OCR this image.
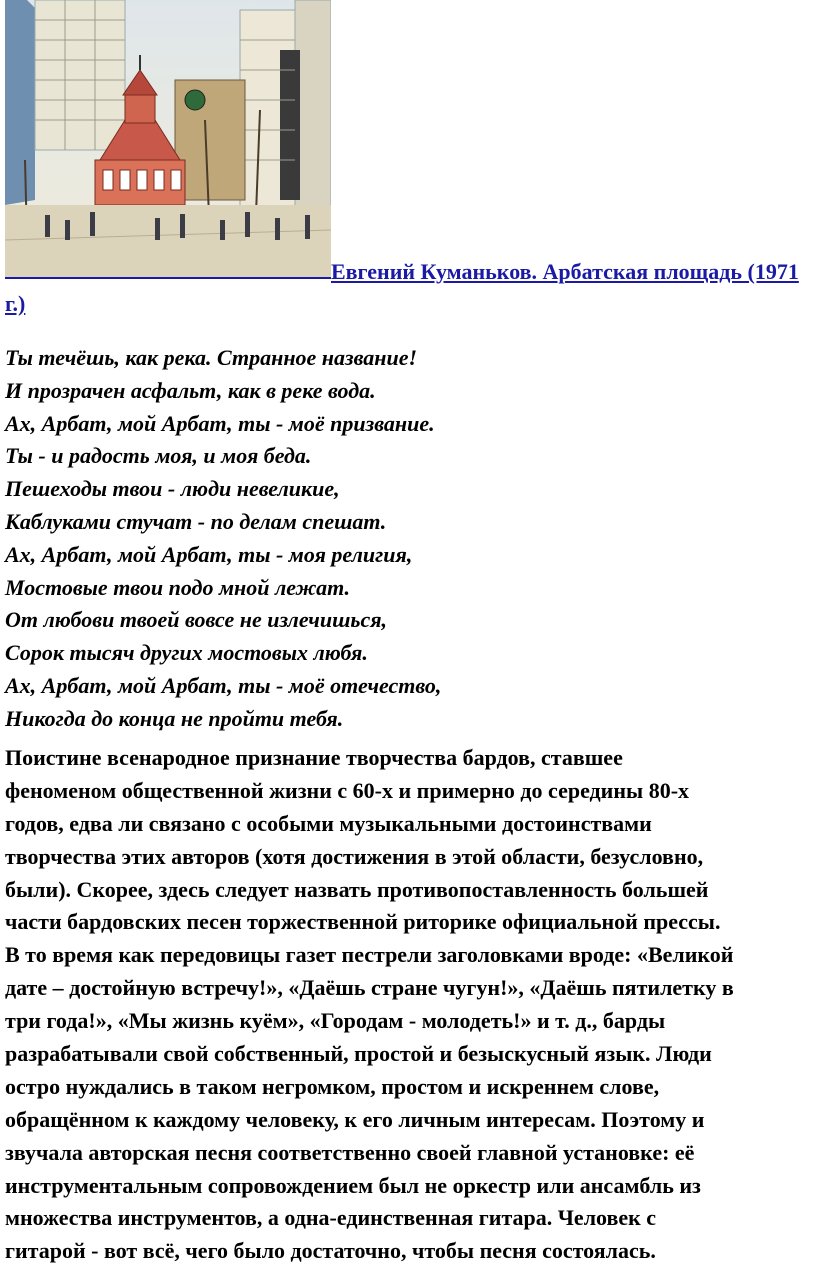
Евгений Куманьков. Арбатская площадь (1971 г.)
Ты течёшь, как река. Странное название!
И прозрачен асфальт, как в реке вода.
Ах, Арбат, мой Арбат, ты - моё призвание.
Ты - и радость моя, и моя беда.
Пешеходы твои - люди невеликие,
Каблуками стучат - по делам спешат.
Ах, Арбат, мой Арбат, ты - моя религия,
Мостовые твои подо мной лежат.
От любови твоей вовсе не излечишься,
Сорок тысяч других мостовых любя.
Ах, Арбат, мой Арбат, ты - моё отечество,
Никогда до конца не пройти тебя.
Поистине всенародное признание творчества бардов, ставшее
феноменом общественной жизни с 60-х и примерно до середины 80-х
годов, едва ли связано с особыми музыкальными достоинствами
творчества этих авторов (хотя достижения в этой области, безусловно,
были). Скорее, здесь следует назвать противопоставленность большей
части бардовских песен торжественной риторике официальной прессы.
В то время как передовицы газет пестрели заголовками вроде: «Великой
дате – достойную встречу!», «Даёшь стране чугун!», «Даёшь пятилетку в
три года!», «Мы жизнь куём», «Городам - молодеть!» и т. д., барды
разрабатывали свой собственный, простой и безыскусный язык. Люди
остро нуждались в таком негромком, простом и искреннем слове,
обращённом к каждому человеку, к его личным интересам. Поэтому и
звучала авторская песня соответственно своей главной установке: её
инструментальным сопровождением был не оркестр или ансамбль из
множества инструментов, а одна-единственная гитара. Человек с
гитарой - вот всё, чего было достаточно, чтобы песня состоялась.
